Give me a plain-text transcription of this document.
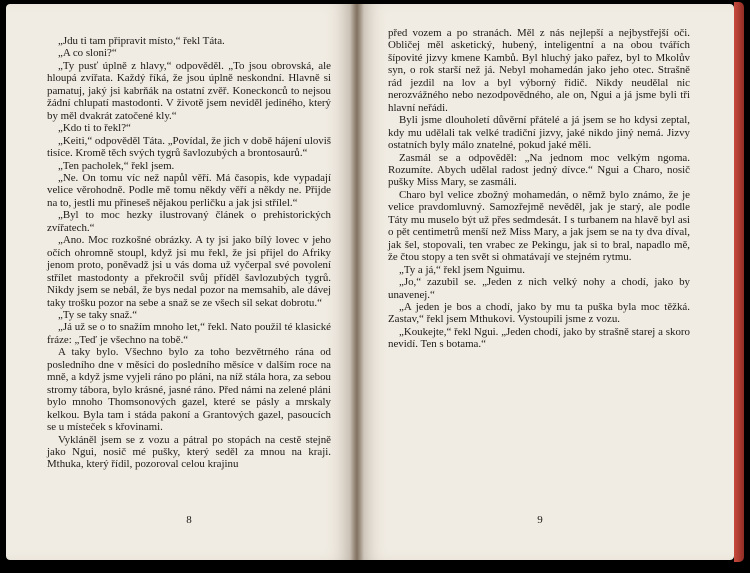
„Jdu ti tam připravit místo,“ řekl Táta.

„A co sloni?“

„Ty pusť úplně z hlavy,“ odpověděl. „To jsou obrovská, ale hloupá zvířata. Každý říká, že jsou úplně neskondní. Hlavně si pamatuj, jaký jsi kabrňák na ostatní zvěř. Koneckonců to nejsou žádní chlupatí mastodonti. V životě jsem neviděl jediného, který by měl dvakrát zatočené kly.“

„Kdo ti to řekl?“

„Keiti,“ odpověděl Táta. „Povídal, že jich v době hájení uloviš tisíce. Kromě těch svých tygrů šavlozubých a brontosaurů.“

„Ten pacholek,“ řekl jsem.

„Ne. On tomu víc než napůl věří. Má časopis, kde vypadají velice věrohodně. Podle mě tomu někdy věří a někdy ne. Přijde na to, jestli mu přineseš nějakou perličku a jak jsi střílel.“

„Byl to moc hezky ilustrovaný článek o prehistorických zvířatech.“

„Ano. Moc rozkošné obrázky. A ty jsi jako bílý lovec v jeho očích ohromně stoupl, když jsi mu řekl, že jsi přijel do Afriky jenom proto, poněvadž jsi u vás doma už vyčerpal své povolení střílet mastodonty a překročil svůj příděl šavlozubých tygrů. Nikdy jsem se nebál, že bys nedal pozor na memsahib, ale dávej taky trošku pozor na sebe a snaž se ze všech sil sekat dobrotu.“

„Ty se taky snaž.“

„Já už se o to snažím mnoho let,“ řekl. Nato použil té klasické fráze: „Teď je všechno na tobě.“

A taky bylo. Všechno bylo za toho bezvětrného rána od posledního dne v měsíci do posledního měsíce v dalším roce na mně, a když jsme vyjeli ráno po pláni, na níž stála hora, za sebou stromy tábora, bylo krásné, jasné ráno. Před námi na zelené pláni bylo mnoho Thomsonových gazel, které se pásly a mrskaly kelkou. Byla tam i stáda pakoní a Grantových gazel, pasoucích se u místeček s křovinami.

Vykláněl jsem se z vozu a pátral po stopách na cestě stejně jako Ngui, nosič mé pušky, který seděl za mnou na kraji. Mthuka, který řídil, pozoroval celou krajinu

8

před vozem a po stranách. Měl z nás nejlepší a nejbystřejší oči. Obličej měl asketický, hubený, inteligentní a na obou tvářích šípovité jizvy kmene Kambů. Byl hluchý jako pařez, byl to Mkolův syn, o rok starší než já. Nebyl mohamedán jako jeho otec. Strašně rád jezdil na lov a byl výborný řidič. Nikdy neudělal nic nerozvážného nebo nezodpovědného, ale on, Ngui a já jsme byli tři hlavní neřádi.

Byli jsme dlouholetí důvěrní přátelé a já jsem se ho kdysi zeptal, kdy mu udělali tak velké tradiční jizvy, jaké nikdo jiný nemá. Jizvy ostatních byly málo znatelné, pokud jaké měli.

Zasmál se a odpověděl: „Na jednom moc velkým ngoma. Rozumíte. Abych udělal radost jedný dívce.“ Ngui a Charo, nosič pušky Miss Mary, se zasmáli.

Charo byl velice zbožný mohamedán, o němž bylo známo, že je velice pravdomluvný. Samozřejmě nevěděl, jak je starý, ale podle Táty mu muselo být už přes sedmdesát. I s turbanem na hlavě byl asi o pět centimetrů menší než Miss Mary, a jak jsem se na ty dva díval, jak šel, stopovali, ten vrabec ze Pekingu, jak si to bral, napadlo mě, že čtou stopy a ten svět si ohmatávají ve stejném rytmu.

„Ty a já,“ řekl jsem Nguimu.

„Jo,“ zazubil se. „Jeden z nich velký nohy a chodí, jako by unavenej.“

„A jeden je bos a chodí, jako by mu ta puška byla moc těžká. Zastav,“ řekl jsem Mthukovi. Vystoupili jsme z vozu.

„Koukejte,“ řekl Ngui. „Jeden chodí, jako by strašně starej a skoro nevidí. Ten s botama.“

9
